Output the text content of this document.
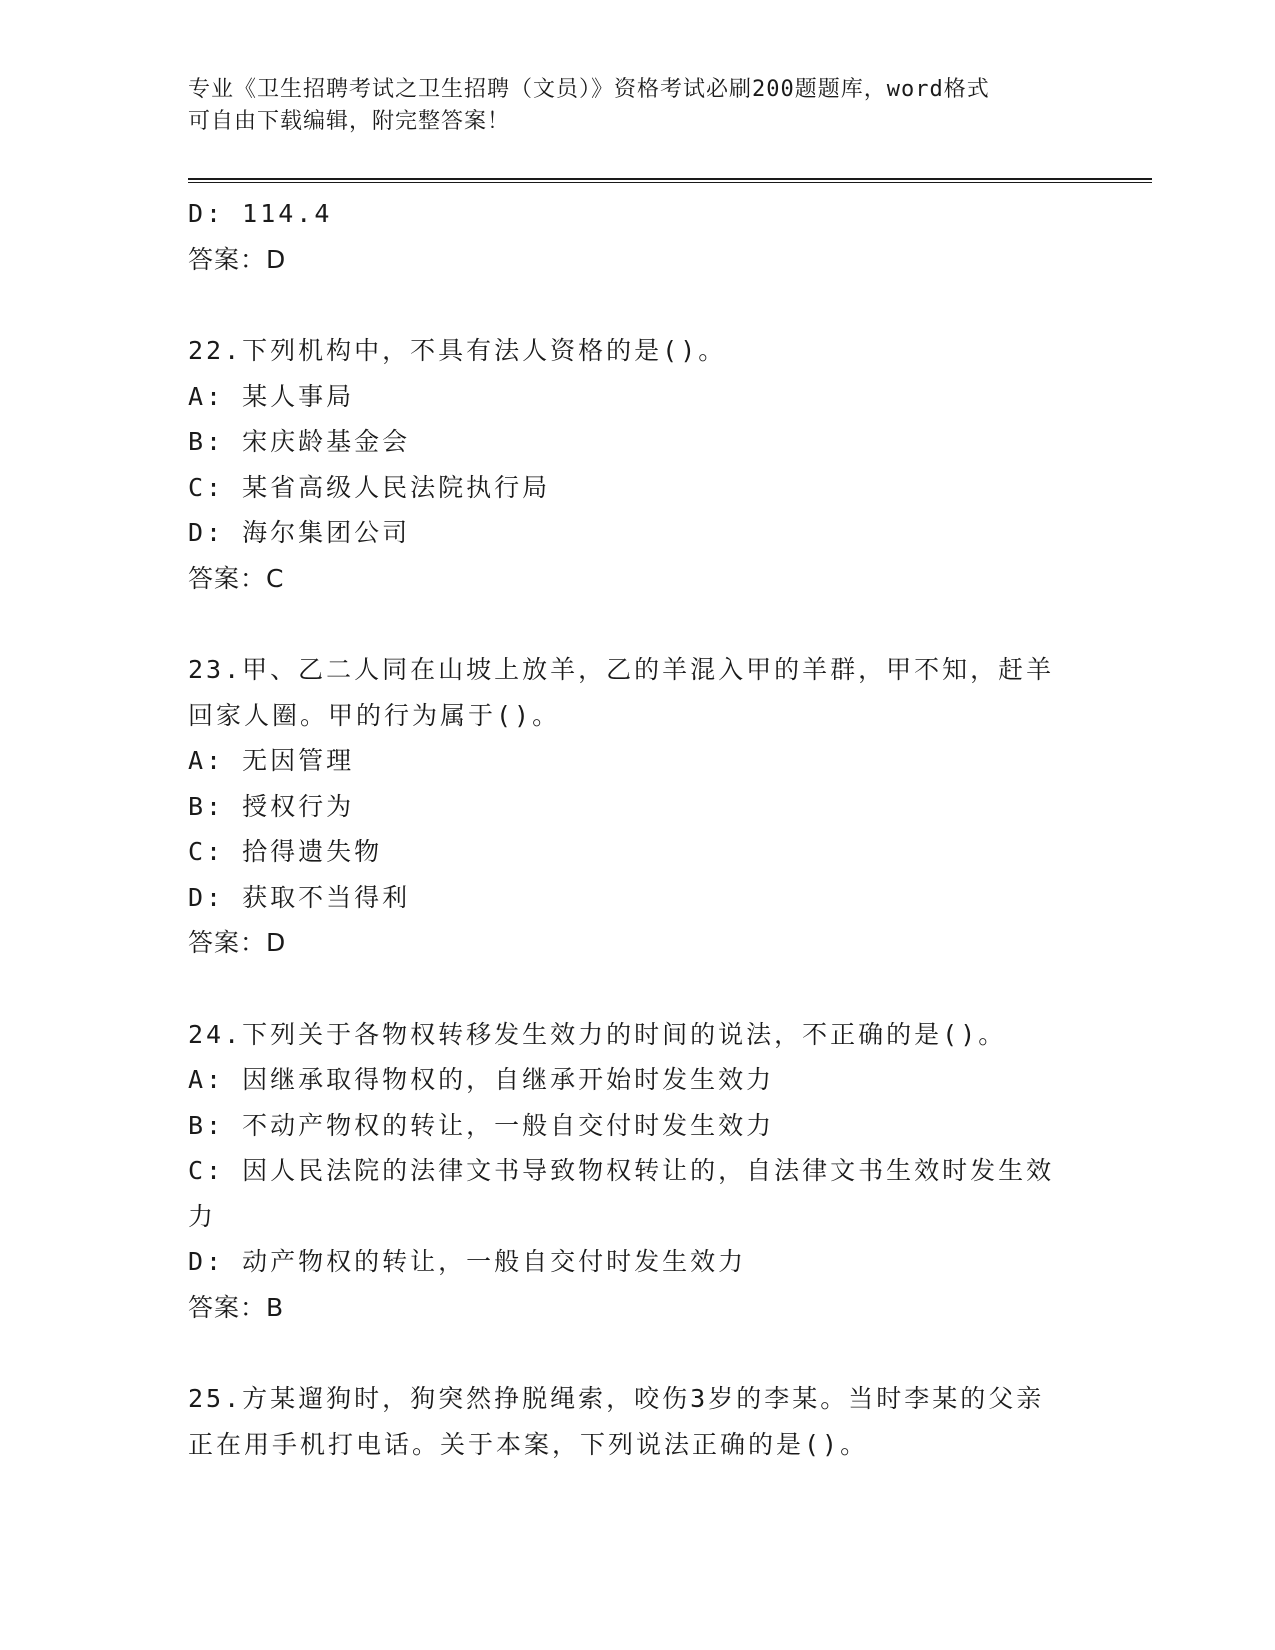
专业《卫生招聘考试之卫生招聘（文员）》资格考试必刷200题题库，word格式
可自由下载编辑，附完整答案！
D: 114.4
答案：D
22.下列机构中，不具有法人资格的是()。
A: 某人事局
B: 宋庆龄基金会
C: 某省高级人民法院执行局
D: 海尔集团公司
答案：C
23.甲、乙二人同在山坡上放羊，乙的羊混入甲的羊群，甲不知，赶羊
回家人圈。甲的行为属于()。
A: 无因管理
B: 授权行为
C: 拾得遗失物
D: 获取不当得利
答案：D
24.下列关于各物权转移发生效力的时间的说法，不正确的是()。
A: 因继承取得物权的，自继承开始时发生效力
B: 不动产物权的转让，一般自交付时发生效力
C: 因人民法院的法律文书导致物权转让的，自法律文书生效时发生效
力
D: 动产物权的转让，一般自交付时发生效力
答案：B
25.方某遛狗时，狗突然挣脱绳索，咬伤3岁的李某。当时李某的父亲
正在用手机打电话。关于本案，下列说法正确的是()。
